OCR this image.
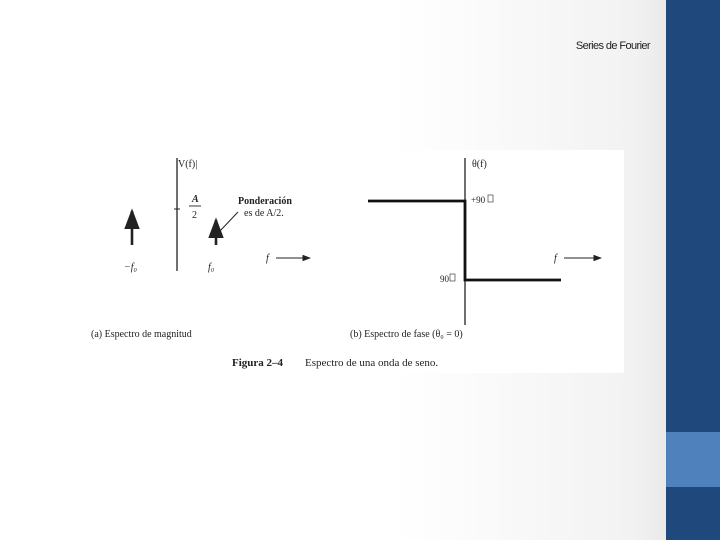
Series de Fourier
|V(f)|
A
2
Ponderación
es de A/2.
−f₀	f₀
f
(a) Espectro de magnitud
θ(f)
+90
90
f
(b) Espectro de fase (θ₀ = 0)
Figura 2–4 Espectro de una onda de seno.
